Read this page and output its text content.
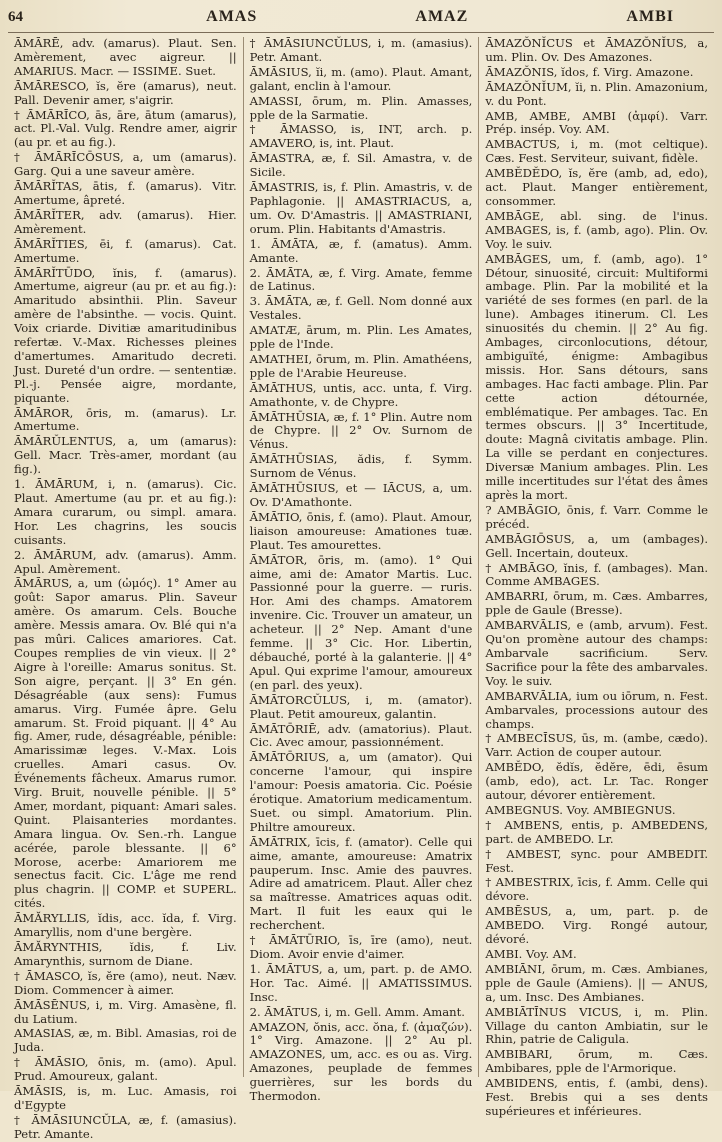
64	AMAS	AMAZ	AMBI

ĀMĀRĒ, adv. (amarus). Plaut. Sen. Amèrement, avec aigreur. || AMARIUS. Macr. — ISSIME. Suet.

ĀMĀRESCO, ĭs, ĕre (amarus), neut. Pall. Devenir amer, s'aigrir.

† ĀMĀRĪCO, ās, āre, ātum (amarus), act. Pl.-Val. Vulg. Rendre amer, aigrir (au pr. et au fig.).

† ĀMĀRĪCŌSUS, a, um (amarus). Garg. Qui a une saveur amère.

ĀMĀRĬTAS, ātis, f. (amarus). Vitr. Amertume, âpreté.

ĀMĀRĬTER, adv. (amarus). Hier. Amèrement.

ĀMĀRĬTIES, ēi, f. (amarus). Cat. Amertume.

ĀMĀRĬTŪDO, ĭnis, f. (amarus). Amertume, aigreur (au pr. et au fig.): Amaritudo absinthii. Plin. Saveur amère de l'absinthe. — vocis. Quint. Voix criarde. Divitiæ amaritudinibus refertæ. V.-Max. Richesses pleines d'amertumes. Amaritudo decreti. Just. Dureté d'un ordre. — sententiæ. Pl.-j. Pensée aigre, mordante, piquante.

ĀMĀROR, ōris, m. (amarus). Lr. Amertume.

ĀMĀRŬLENTUS, a, um (amarus): Gell. Macr. Très-amer, mordant (au fig.).

1. ĀMĀRUM, i, n. (amarus). Cic. Plaut. Amertume (au pr. et au fig.): Amara curarum, ou simpl. amara. Hor. Les chagrins, les soucis cuisants.

2. ĀMĀRUM, adv. (amarus). Amm. Apul. Amèrement.

ĀMĀRUS, a, um (ὠμός). 1° Amer au goût: Sapor amarus. Plin. Saveur amère. Os amarum. Cels. Bouche amère. Messis amara. Ov. Blé qui n'a pas mûri. Calices amariores. Cat. Coupes remplies de vin vieux. || 2° Aigre à l'oreille: Amarus sonitus. St. Son aigre, perçant. || 3° En gén. Désagréable (aux sens): Fumus amarus. Virg. Fumée âpre. Gelu amarum. St. Froid piquant. || 4° Au fig. Amer, rude, désagréable, pénible: Amarissimæ leges. V.-Max. Lois cruelles. Amari casus. Ov. Événements fâcheux. Amarus rumor. Virg. Bruit, nouvelle pénible. || 5° Amer, mordant, piquant: Amari sales. Quint. Plaisanteries mordantes. Amara lingua. Ov. Sen.-rh. Langue acérée, parole blessante. || 6° Morose, acerbe: Amariorem me senectus facit. Cic. L'âge me rend plus chagrin. || COMP. et SUPERL. cités.

ĀMĂRYLLIS, ĭdis, acc. ĭda, f. Virg. Amaryllis, nom d'une bergère.

ĀMĂRYNTHIS, ĭdis, f. Liv. Amarynthis, surnom de Diane.

† ĀMASCO, ĭs, ĕre (amo), neut. Næv. Diom. Commencer à aimer.

ĀMĀSĒNUS, i, m. Virg. Amasène, fl. du Latium.

AMASIAS, æ, m. Bibl. Amasias, roi de Juda.

† ĀMĀSIO, ōnis, m. (amo). Apul. Prud. Amoureux, galant.

ĀMĀSIS, is, m. Luc. Amasis, roi d'Egypte

† ĀMĀSIUNCŬLA, æ, f. (amasius). Petr. Amante.

† ĀMĀSIUNCŬLUS, i, m. (amasius). Petr. Amant.

ĀMĀSIUS, ĭi, m. (amo). Plaut. Amant, galant, enclin à l'amour.

AMASSI, ōrum, m. Plin. Amasses, pple de la Sarmatie.

† ĀMASSO, is, INT, arch. p. AMAVERO, is, int. Plaut.

ĀMASTRA, æ, f. Sil. Amastra, v. de Sicile.

ĀMASTRIS, is, f. Plin. Amastris, v. de Paphlagonie. || AMASTRIACUS, a, um. Ov. D'Amastris. || AMASTRIANI, orum. Plin. Habitants d'Amastris.

1. ĀMĀTA, æ, f. (amatus). Amm. Amante.

2. ĀMĀTA, æ, f. Virg. Amate, femme de Latinus.

3. ĀMĀTA, æ, f. Gell. Nom donné aux Vestales.

AMATÆ, ārum, m. Plin. Les Amates, pple de l'Inde.

AMATHEI, ōrum, m. Plin. Amathéens, pple de l'Arabie Heureuse.

ĀMĀTHUS, untis, acc. unta, f. Virg. Amathonte, v. de Chypre.

ĀMĀTHŪSIA, æ, f. 1° Plin. Autre nom de Chypre. || 2° Ov. Surnom de Vénus.

ĀMĀTHŪSIAS, ădis, f. Symm. Surnom de Vénus.

ĀMĀTHŪSIUS, et — IĀCUS, a, um. Ov. D'Amathonte.

ĀMĀTIO, ōnis, f. (amo). Plaut. Amour, liaison amoureuse: Amationes tuæ. Plaut. Tes amourettes.

ĀMĀTOR, ōris, m. (amo). 1° Qui aime, ami de: Amator Martis. Luc. Passionné pour la guerre. — ruris. Hor. Ami des champs. Amatorem invenire. Cic. Trouver un amateur, un acheteur. || 2° Nep. Amant d'une femme. || 3° Cic. Hor. Libertin, débauché, porté à la galanterie. || 4° Apul. Qui exprime l'amour, amoureux (en parl. des yeux).

ĀMĀTORCŬLUS, i, m. (amator). Plaut. Petit amoureux, galantin.

ĀMĀTŌRIĒ, adv. (amatorius). Plaut. Cic. Avec amour, passionnément.

ĀMĀTŌRIUS, a, um (amator). Qui concerne l'amour, qui inspire l'amour: Poesis amatoria. Cic. Poésie érotique. Amatorium medicamentum. Suet. ou simpl. Amatorium. Plin. Philtre amoureux.

ĀMĀTRIX, īcis, f. (amator). Celle qui aime, amante, amoureuse: Amatrix pauperum. Insc. Amie des pauvres. Adire ad amatricem. Plaut. Aller chez sa maîtresse. Amatrices aquas odit. Mart. Il fuit les eaux qui le recherchent.

† ĀMĀTŪRIO, īs, īre (amo), neut. Diom. Avoir envie d'aimer.

1. ĀMĀTUS, a, um, part. p. de AMO. Hor. Tac. Aimé. || AMATISSIMUS. Insc.

2. ĀMĀTUS, i, m. Gell. Amm. Amant.

AMAZON, ŏnis, acc. ŏna, f. (ἀμαζών). 1° Virg. Amazone. || 2° Au pl. AMAZONES, um, acc. es ou as. Virg. Amazones, peuplade de femmes guerrières, sur les bords du Thermodon.

ĀMAZŎNĬCUS et ĀMAZŎNĬUS, a, um. Plin. Ov. Des Amazones.

ĀMAZŎNIS, ĭdos, f. Virg. Amazone.

ĀMAZŎNĬUM, ĭi, n. Plin. Amazonium, v. du Pont.

AMB, AMBE, AMBI (ἀμφί). Varr. Prép. insép. Voy. AM.

AMBACTUS, i, m. (mot celtique). Cæs. Fest. Serviteur, suivant, fidèle.

AMBĔDĔDO, ĭs, ĕre (amb, ad, edo), act. Plaut. Manger entièrement, consommer.

AMBĀGE, abl. sing. de l'inus. AMBAGES, is, f. (amb, ago). Plin. Ov. Voy. le suiv.

AMBĀGES, um, f. (amb, ago). 1° Détour, sinuosité, circuit: Multiformi ambage. Plin. Par la mobilité et la variété de ses formes (en parl. de la lune). Ambages itinerum. Cl. Les sinuosités du chemin. || 2° Au fig. Ambages, circonlocutions, détour, ambiguïté, énigme: Ambagibus missis. Hor. Sans détours, sans ambages. Hac facti ambage. Plin. Par cette action détournée, emblématique. Per ambages. Tac. En termes obscurs. || 3° Incertitude, doute: Magnâ civitatis ambage. Plin. La ville se perdant en conjectures. Diversæ Manium ambages. Plin. Les mille incertitudes sur l'état des âmes après la mort.

? AMBĀGIO, ōnis, f. Varr. Comme le précéd.

AMBĀGIŌSUS, a, um (ambages). Gell. Incertain, douteux.

† AMBĀGO, ĭnis, f. (ambages). Man. Comme AMBAGES.

AMBARRI, ōrum, m. Cæs. Ambarres, pple de Gaule (Bresse).

AMBARVĀLIS, e (amb, arvum). Fest. Qu'on promène autour des champs: Ambarvale sacrificium. Serv. Sacrifice pour la fête des ambarvales. Voy. le suiv.

AMBARVĀLIA, ium ou iōrum, n. Fest. Ambarvales, processions autour des champs.

† AMBECĪSUS, ūs, m. (ambe, cædo). Varr. Action de couper autour.

AMBĔDO, ĕdĭs, ĕdĕre, ēdi, ēsum (amb, edo), act. Lr. Tac. Ronger autour, dévorer entièrement.

AMBEGNUS. Voy. AMBIEGNUS.

† AMBENS, entis, p. AMBEDENS, part. de AMBEDO. Lr.

† AMBEST, sync. pour AMBEDIT. Fest.

† AMBESTRIX, īcis, f. Amm. Celle qui dévore.

AMBĒSUS, a, um, part. p. de AMBEDO. Virg. Rongé autour, dévoré.

AMBI. Voy. AM.

AMBIĀNI, ōrum, m. Cæs. Ambianes, pple de Gaule (Amiens). || — ANUS, a, um. Insc. Des Ambianes.

AMBIĀTĪNUS VICUS, i, m. Plin. Village du canton Ambiatin, sur le Rhin, patrie de Caligula.

AMBIBARI, ōrum, m. Cæs. Ambibares, pple de l'Armorique.

AMBIDENS, entis, f. (ambi, dens). Fest. Brebis qui a ses dents supérieures et inférieures.
